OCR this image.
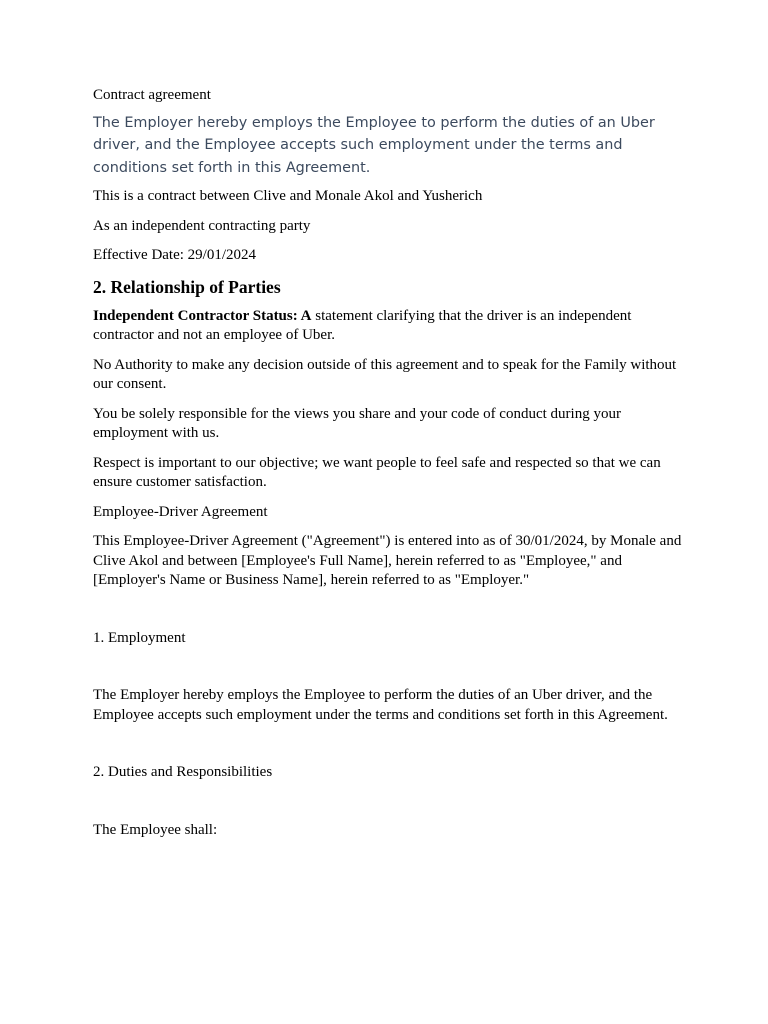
Contract agreement

The Employer hereby employs the Employee to perform the duties of an Uber driver, and the Employee accepts such employment under the terms and conditions set forth in this Agreement.

This is a contract between Clive and Monale Akol and Yusherich

As an independent contracting party

Effective Date: 29/01/2024

2. Relationship of Parties

Independent Contractor Status: A statement clarifying that the driver is an independent contractor and not an employee of Uber.

No Authority to make any decision outside of this agreement and to speak for the Family without our consent.

You be solely responsible for the views you share and your code of conduct during your employment with us.

Respect is important to our objective; we want people to feel safe and respected so that we can ensure customer satisfaction.

Employee-Driver Agreement

This Employee-Driver Agreement ("Agreement") is entered into as of 30/01/2024, by Monale and Clive Akol and between [Employee's Full Name], herein referred to as "Employee," and [Employer's Name or Business Name], herein referred to as "Employer."

1. Employment

The Employer hereby employs the Employee to perform the duties of an Uber driver, and the Employee accepts such employment under the terms and conditions set forth in this Agreement.

2. Duties and Responsibilities

The Employee shall:
